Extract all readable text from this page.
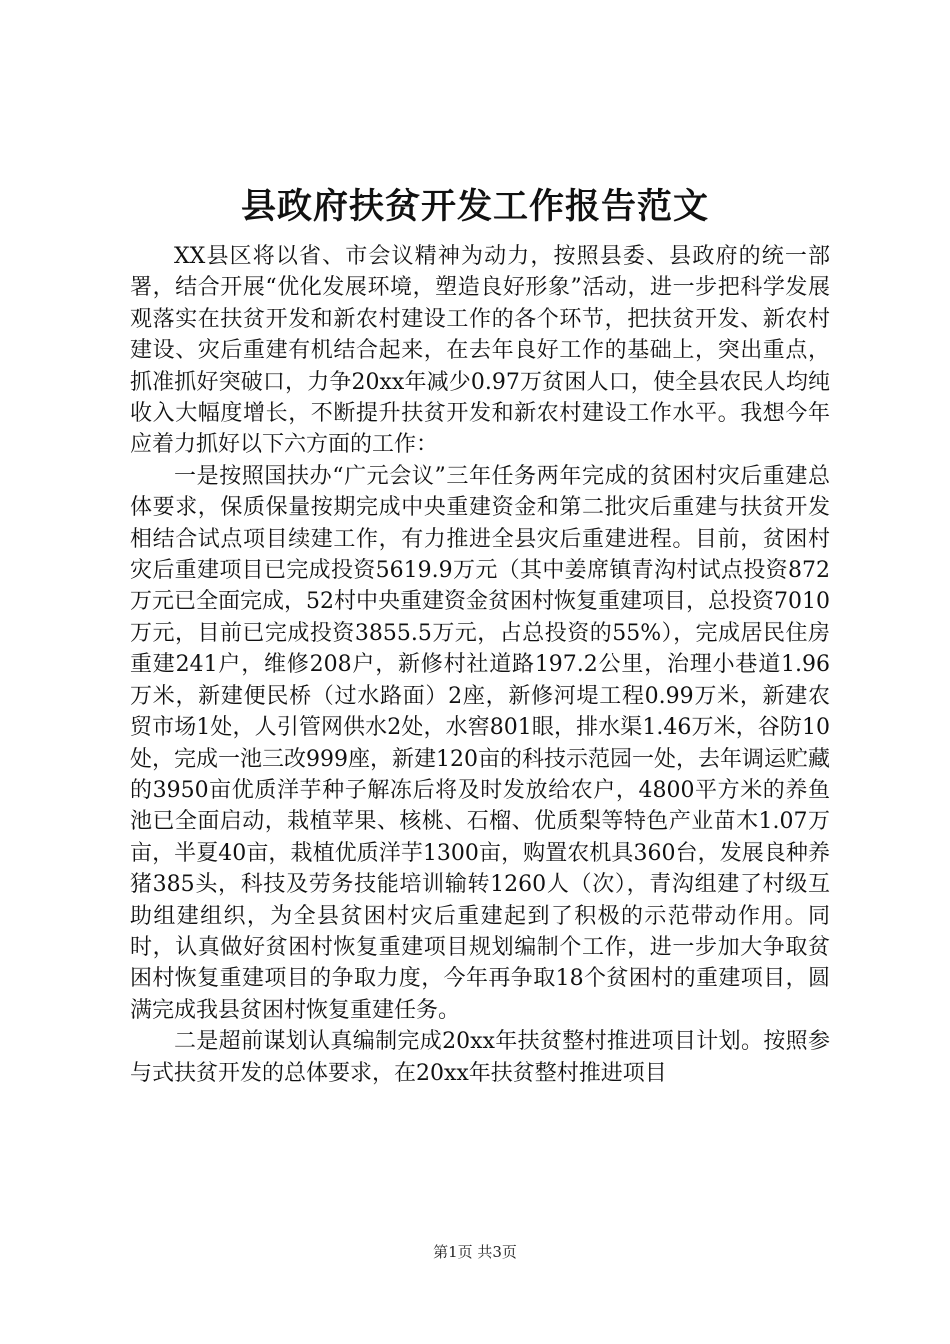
县政府扶贫开发工作报告范文

XX县区将以省、市会议精神为动力，按照县委、县政府的统一部署，结合开展“优化发展环境，塑造良好形象”活动，进一步把科学发展观落实在扶贫开发和新农村建设工作的各个环节，把扶贫开发、新农村建设、灾后重建有机结合起来，在去年良好工作的基础上，突出重点，抓准抓好突破口，力争20xx年减少0.97万贫困人口，使全县农民人均纯收入大幅度增长，不断提升扶贫开发和新农村建设工作水平。我想今年应着力抓好以下六方面的工作：

一是按照国扶办“广元会议”三年任务两年完成的贫困村灾后重建总体要求，保质保量按期完成中央重建资金和第二批灾后重建与扶贫开发相结合试点项目续建工作，有力推进全县灾后重建进程。目前，贫困村灾后重建项目已完成投资5619.9万元（其中姜席镇青沟村试点投资872万元已全面完成，52村中央重建资金贫困村恢复重建项目，总投资7010万元，目前已完成投资3855.5万元，占总投资的55%），完成居民住房重建241户，维修208户，新修村社道路197.2公里，治理小巷道1.96万米，新建便民桥（过水路面）2座，新修河堤工程0.99万米，新建农贸市场1处，人引管网供水2处，水窖801眼，排水渠1.46万米，谷防10处，完成一池三改999座，新建120亩的科技示范园一处，去年调运贮藏的3950亩优质洋芋种子解冻后将及时发放给农户，4800平方米的养鱼池已全面启动，栽植苹果、核桃、石榴、优质梨等特色产业苗木1.07万亩，半夏40亩，栽植优质洋芋1300亩，购置农机具360台，发展良种养猪385头，科技及劳务技能培训输转1260人（次），青沟组建了村级互助组建组织，为全县贫困村灾后重建起到了积极的示范带动作用。同时，认真做好贫困村恢复重建项目规划编制个工作，进一步加大争取贫困村恢复重建项目的争取力度，今年再争取18个贫困村的重建项目，圆满完成我县贫困村恢复重建任务。

二是超前谋划认真编制完成20xx年扶贫整村推进项目计划。按照参与式扶贫开发的总体要求，在20xx年扶贫整村推进项目

第1页 共3页
